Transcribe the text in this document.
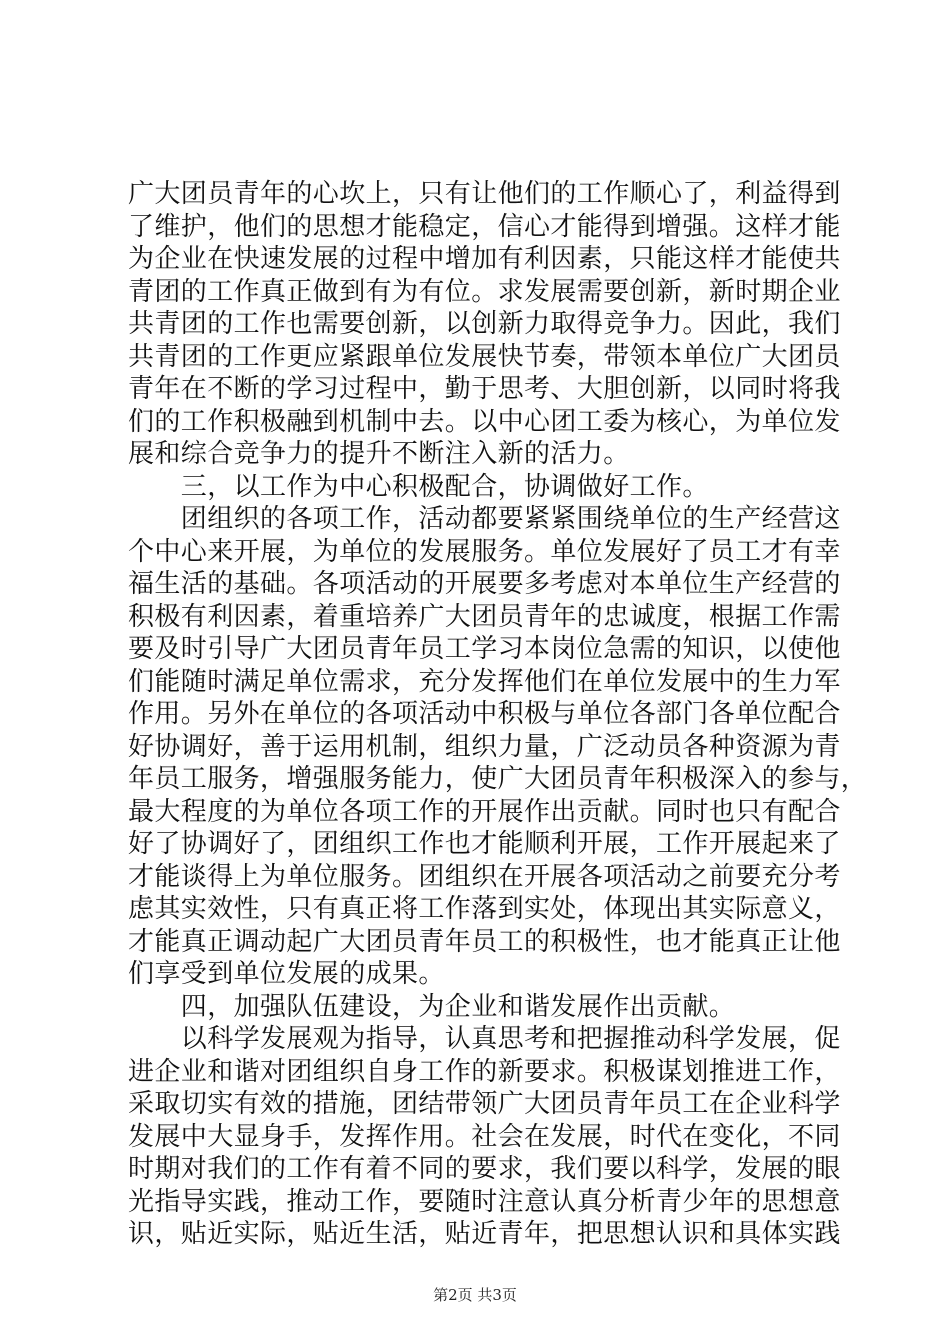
广大团员青年的心坎上，只有让他们的工作顺心了，利益得到
了维护，他们的思想才能稳定，信心才能得到增强。这样才能
为企业在快速发展的过程中增加有利因素，只能这样才能使共
青团的工作真正做到有为有位。求发展需要创新，新时期企业
共青团的工作也需要创新，以创新力取得竞争力。因此，我们
共青团的工作更应紧跟单位发展快节奏，带领本单位广大团员
青年在不断的学习过程中，勤于思考、大胆创新，以同时将我
们的工作积极融到机制中去。以中心团工委为核心，为单位发
展和综合竞争力的提升不断注入新的活力。
　　三，以工作为中心积极配合，协调做好工作。
　　团组织的各项工作，活动都要紧紧围绕单位的生产经营这
个中心来开展，为单位的发展服务。单位发展好了员工才有幸
福生活的基础。各项活动的开展要多考虑对本单位生产经营的
积极有利因素，着重培养广大团员青年的忠诚度，根据工作需
要及时引导广大团员青年员工学习本岗位急需的知识，以使他
们能随时满足单位需求，充分发挥他们在单位发展中的生力军
作用。另外在单位的各项活动中积极与单位各部门各单位配合
好协调好，善于运用机制，组织力量，广泛动员各种资源为青
年员工服务，增强服务能力，使广大团员青年积极深入的参与，
最大程度的为单位各项工作的开展作出贡献。同时也只有配合
好了协调好了，团组织工作也才能顺利开展，工作开展起来了
才能谈得上为单位服务。团组织在开展各项活动之前要充分考
虑其实效性，只有真正将工作落到实处，体现出其实际意义，
才能真正调动起广大团员青年员工的积极性，也才能真正让他
们享受到单位发展的成果。
　　四，加强队伍建设，为企业和谐发展作出贡献。
　　以科学发展观为指导，认真思考和把握推动科学发展，促
进企业和谐对团组织自身工作的新要求。积极谋划推进工作，
采取切实有效的措施，团结带领广大团员青年员工在企业科学
发展中大显身手，发挥作用。社会在发展，时代在变化，不同
时期对我们的工作有着不同的要求，我们要以科学，发展的眼
光指导实践，推动工作，要随时注意认真分析青少年的思想意
识，贴近实际，贴近生活，贴近青年，把思想认识和具体实践
第2页 共3页
